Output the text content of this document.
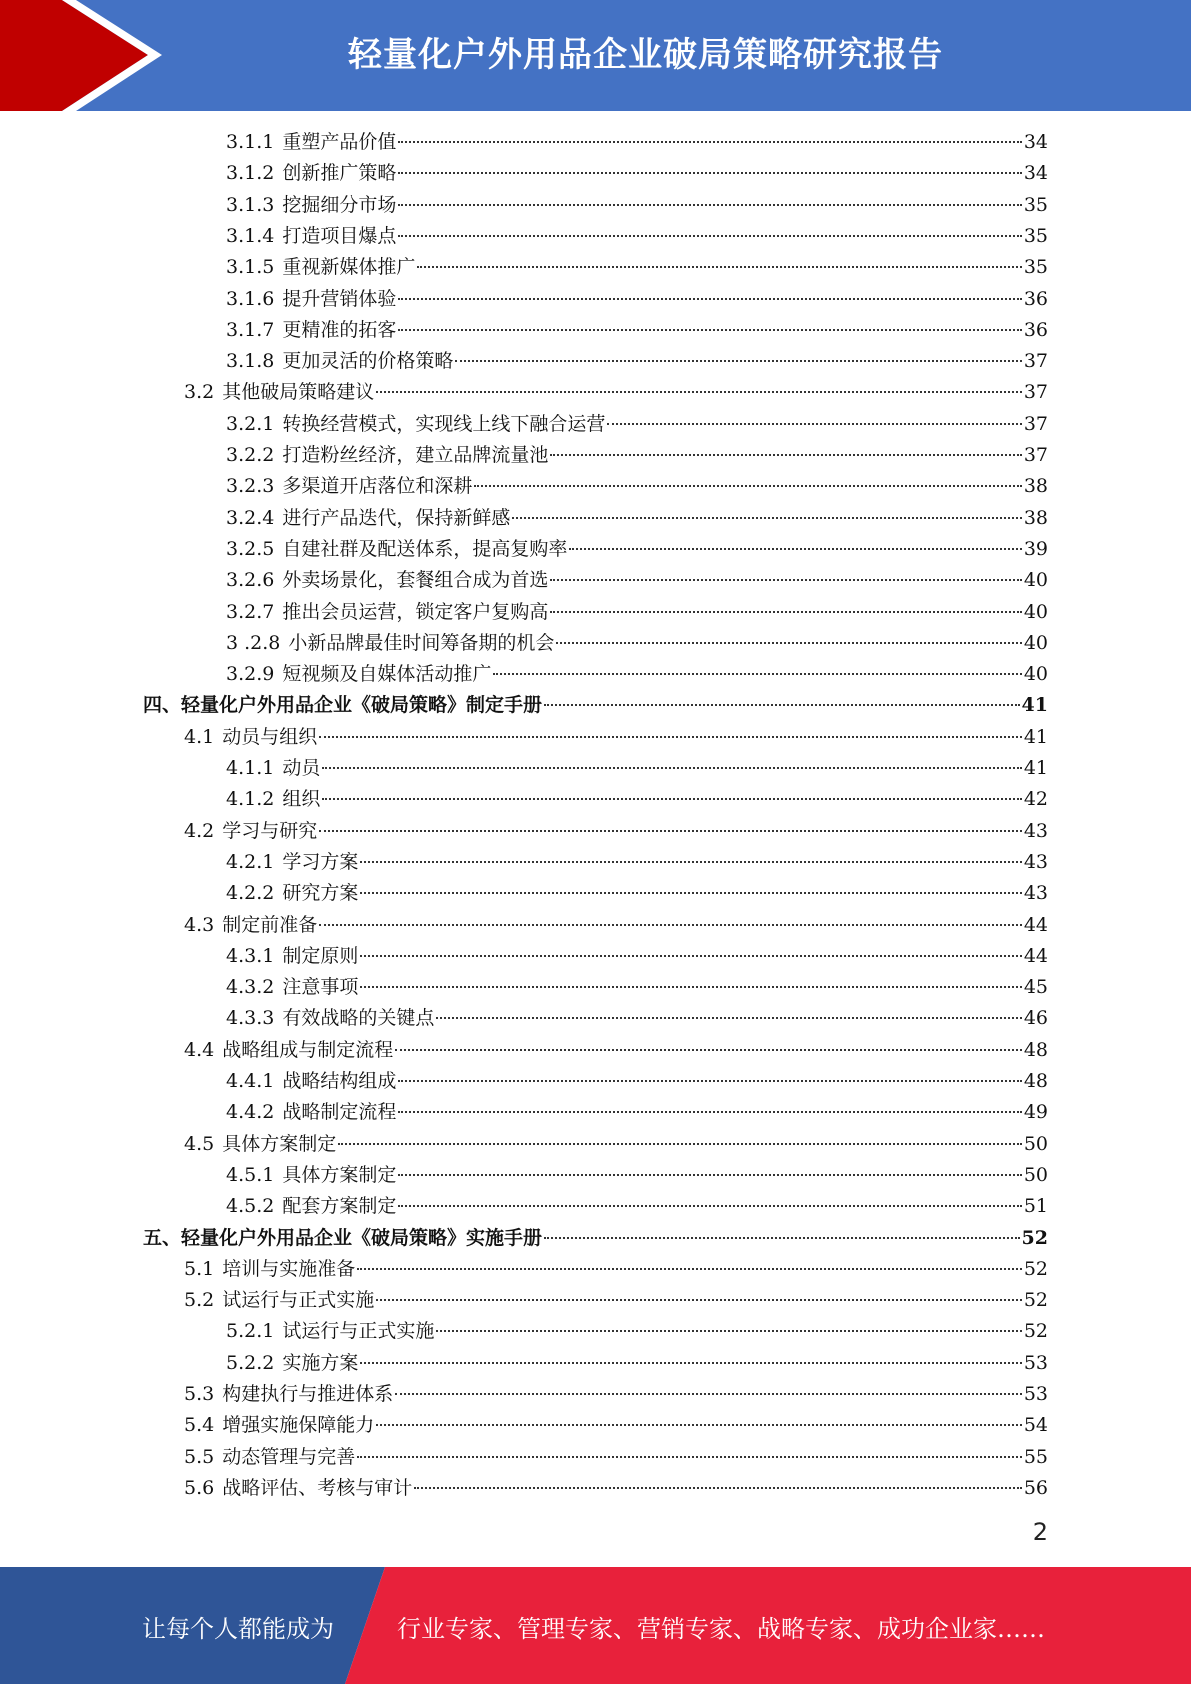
轻量化户外用品企业破局策略研究报告
3.1.1 重塑产品价值	34
3.1.2 创新推广策略	34
3.1.3 挖掘细分市场	35
3.1.4 打造项目爆点	35
3.1.5 重视新媒体推广	35
3.1.6 提升营销体验	36
3.1.7 更精准的拓客	36
3.1.8 更加灵活的价格策略	37
3.2 其他破局策略建议	37
3.2.1 转换经营模式，实现线上线下融合运营	37
3.2.2 打造粉丝经济，建立品牌流量池	37
3.2.3 多渠道开店落位和深耕	38
3.2.4 进行产品迭代，保持新鲜感	38
3.2.5 自建社群及配送体系，提高复购率	39
3.2.6 外卖场景化，套餐组合成为首选	40
3.2.7 推出会员运营，锁定客户复购高	40
3 .2.8 小新品牌最佳时间筹备期的机会	40
3.2.9 短视频及自媒体活动推广	40
四、轻量化户外用品企业《破局策略》制定手册	41
4.1 动员与组织	41
4.1.1 动员	41
4.1.2 组织	42
4.2 学习与研究	43
4.2.1 学习方案	43
4.2.2 研究方案	43
4.3 制定前准备	44
4.3.1 制定原则	44
4.3.2 注意事项	45
4.3.3 有效战略的关键点	46
4.4 战略组成与制定流程	48
4.4.1 战略结构组成	48
4.4.2 战略制定流程	49
4.5 具体方案制定	50
4.5.1 具体方案制定	50
4.5.2 配套方案制定	51
五、轻量化户外用品企业《破局策略》实施手册	52
5.1 培训与实施准备	52
5.2 试运行与正式实施	52
5.2.1 试运行与正式实施	52
5.2.2 实施方案	53
5.3 构建执行与推进体系	53
5.4 增强实施保障能力	54
5.5 动态管理与完善	55
5.6 战略评估、考核与审计	56
2
让每个人都能成为	行业专家、管理专家、营销专家、战略专家、成功企业家……
